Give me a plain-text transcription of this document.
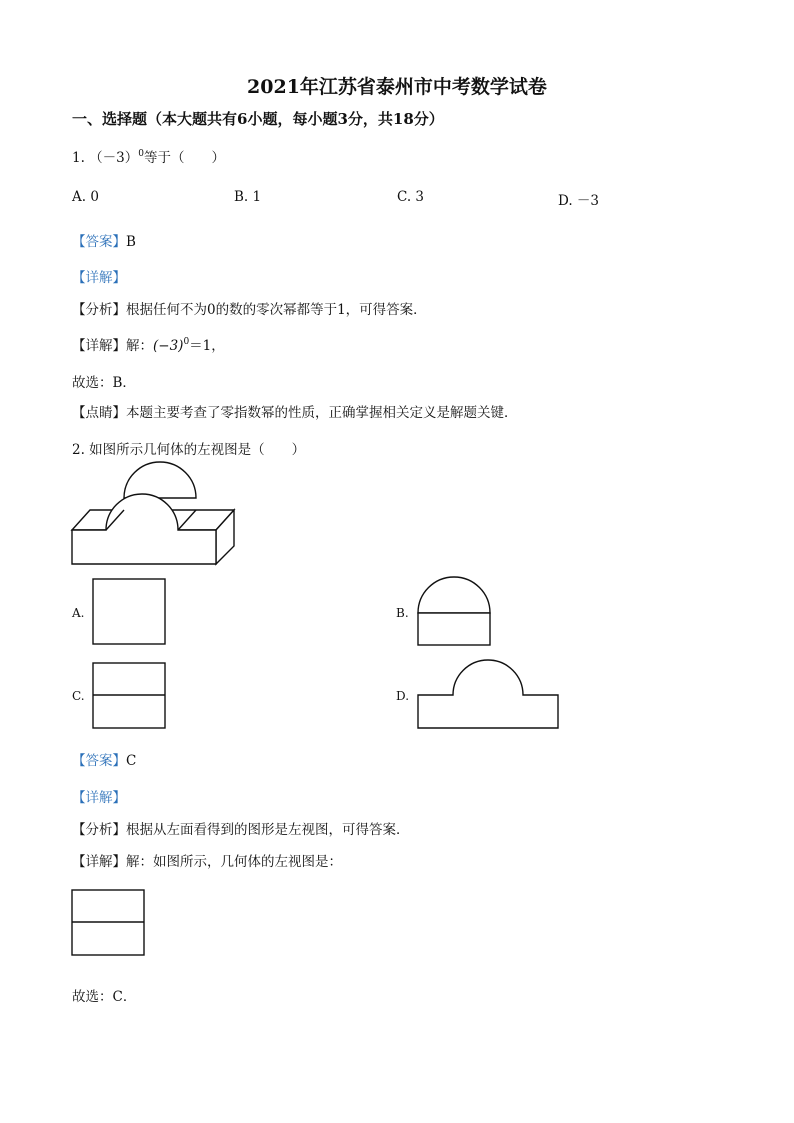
2021年江苏省泰州市中考数学试卷
一、选择题（本大题共有6小题，每小题3分，共18分）
1. $(-3)^0$等于（　　）
A. 0	B. 1	C. 3	D. －3
【答案】B
【详解】
【分析】根据任何不为0的数的零次幂都等于1，可得答案．
【详解】解：$(-3)^0=1$，
故选：B．
【点睛】本题主要考查了零指数幂的性质，正确掌握相关定义是解题关键．
2. 如图所示几何体的左视图是（　　）
A.	B.
C.	D.
【答案】C
【详解】
【分析】根据从左面看得到的图形是左视图，可得答案．
【详解】解：如图所示，几何体的左视图是：
故选：C．
